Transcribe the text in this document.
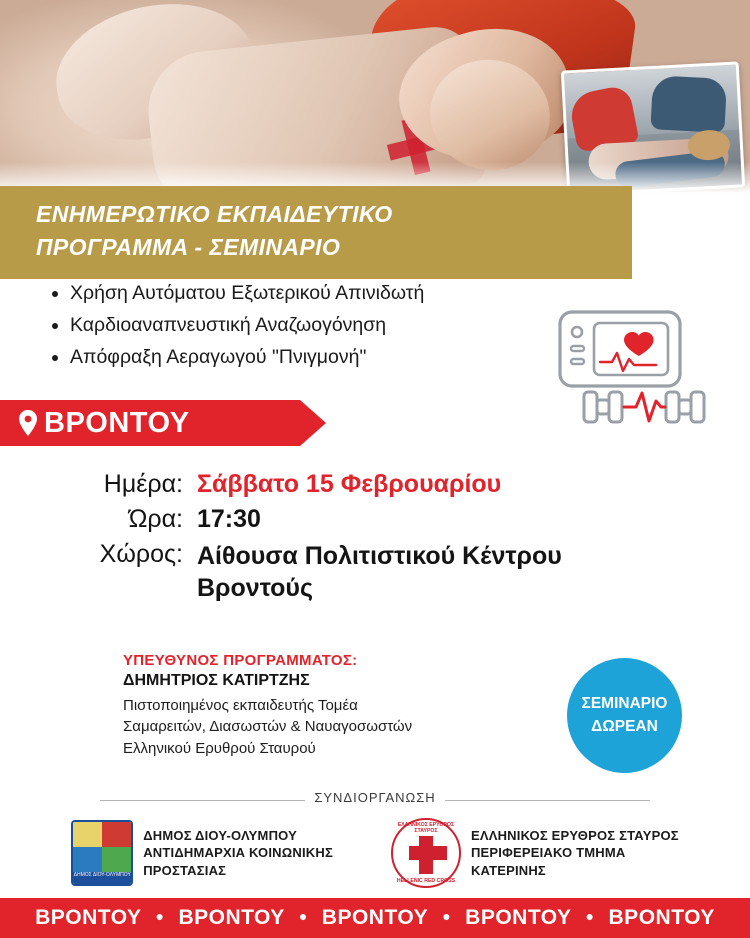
ΕΝΗΜΕΡΩΤΙΚΟ ΕΚΠΑΙΔΕΥΤΙΚΟ
ΠΡΟΓΡΑΜΜΑ - ΣΕΜΙΝΑΡΙΟ
• Χρήση Αυτόματου Εξωτερικού Απινιδωτή
• Καρδιοαναπνευστική Αναζωογόνηση
• Απόφραξη Αεραγωγού "Πνιγμονή"
ΒΡΟΝΤΟΥ
Ημέρα: Σάββατο 15 Φεβρουαρίου
Ώρα: 17:30
Χώρος: Αίθουσα Πολιτιστικού Κέντρου Βροντούς
ΥΠΕΥΘΥΝΟΣ ΠΡΟΓΡΑΜΜΑΤΟΣ:
ΔΗΜΗΤΡΙΟΣ ΚΑΤΙΡΤΖΗΣ
Πιστοποιημένος εκπαιδευτής Τομέα
Σαμαρειτών, Διασωστών & Ναυαγοσωστών
Ελληνικού Ερυθρού Σταυρού
ΣΕΜΙΝΑΡΙΟ
ΔΩΡΕΑΝ
ΣΥΝΔΙΟΡΓΑΝΩΣΗ
ΔΗΜΟΣ ΔΙΟΥ-ΟΛΥΜΠΟΥ
ΔΗΜΟΣ ΔΙΟΥ-ΟΛΥΜΠΟΥ
ΑΝΤΙΔΗΜΑΡΧΙΑ ΚΟΙΝΩΝΙΚΗΣ
ΠΡΟΣΤΑΣΙΑΣ
ΕΛΛΗΝΙΚΟΣ ΕΡΥΘΡΟΣ ΣΤΑΥΡΟΣ
HELLENIC RED CROSS
ΕΛΛΗΝΙΚΟΣ ΕΡΥΘΡΟΣ ΣΤΑΥΡΟΣ
ΠΕΡΙΦΕΡΕΙΑΚΟ ΤΜΗΜΑ
ΚΑΤΕΡΙΝΗΣ
ΒΡΟΝΤΟΥ ● ΒΡΟΝΤΟΥ ● ΒΡΟΝΤΟΥ ● ΒΡΟΝΤΟΥ ● ΒΡΟΝΤΟΥ
